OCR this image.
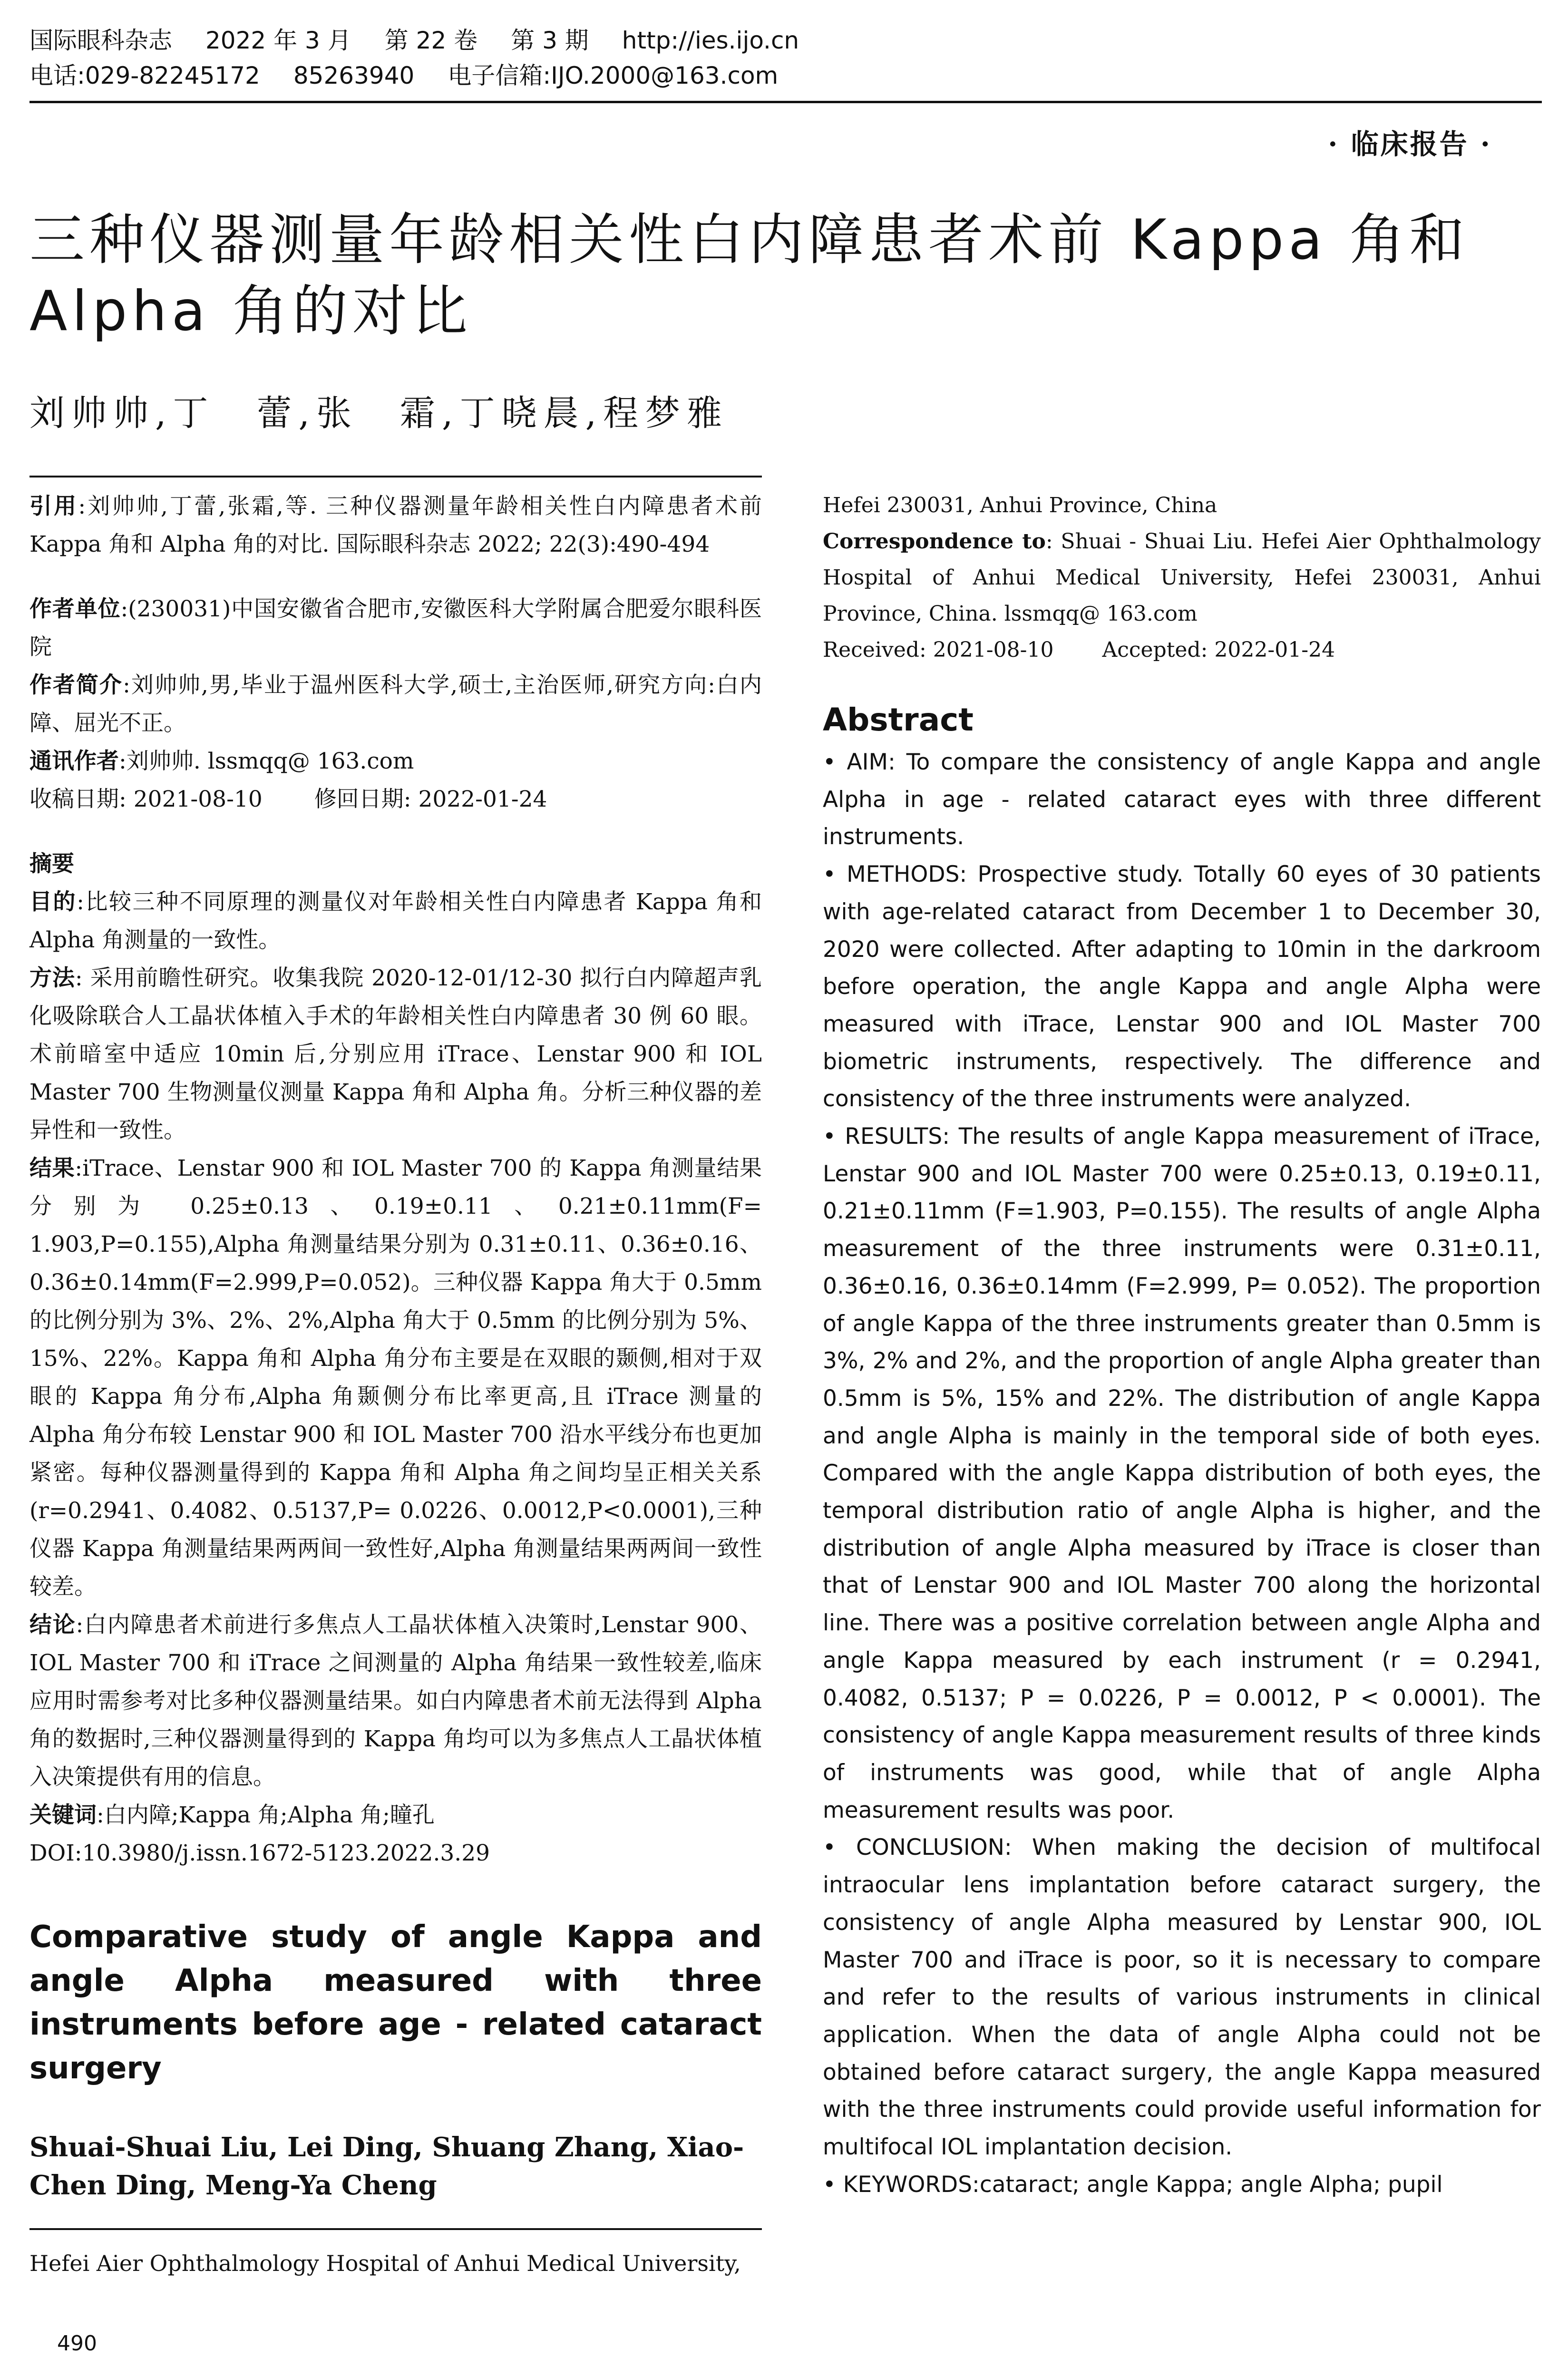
国际眼科杂志 2022 年 3 月 第 22 卷 第 3 期 http://ies.ijo.cn
电话:029-82245172 85263940 电子信箱:IJO.2000@163.com
· 临床报告 ·
三种仪器测量年龄相关性白内障患者术前 Kappa 角和 Alpha 角的对比
刘帅帅,丁　蕾,张　霜,丁晓晨,程梦雅

引用:刘帅帅,丁蕾,张霜,等. 三种仪器测量年龄相关性白内障患者术前 Kappa 角和 Alpha 角的对比. 国际眼科杂志 2022; 22(3):490-494

作者单位:(230031)中国安徽省合肥市,安徽医科大学附属合肥爱尔眼科医院

作者简介:刘帅帅,男,毕业于温州医科大学,硕士,主治医师,研究方向:白内障、屈光不正。

通讯作者:刘帅帅. lssmqq@ 163.com

收稿日期: 2021-08-10　　 修回日期: 2022-01-24

摘要

目的:比较三种不同原理的测量仪对年龄相关性白内障患者 Kappa 角和 Alpha 角测量的一致性。

方法: 采用前瞻性研究。收集我院 2020-12-01/12-30 拟行白内障超声乳化吸除联合人工晶状体植入手术的年龄相关性白内障患者 30 例 60 眼。术前暗室中适应 10min 后,分别应用 iTrace、Lenstar 900 和 IOL Master 700 生物测量仪测量 Kappa 角和 Alpha 角。分析三种仪器的差异性和一致性。

结果:iTrace、Lenstar 900 和 IOL Master 700 的 Kappa 角测量结果分别为 0.25±0.13、0.19±0.11、0.21±0.11mm(F= 1.903,P=0.155),Alpha 角测量结果分别为 0.31±0.11、0.36±0.16、0.36±0.14mm(F=2.999,P=0.052)。三种仪器 Kappa 角大于 0.5mm 的比例分别为 3%、2%、2%,Alpha 角大于 0.5mm 的比例分别为 5%、15%、22%。Kappa 角和 Alpha 角分布主要是在双眼的颞侧,相对于双眼的 Kappa 角分布,Alpha 角颞侧分布比率更高,且 iTrace 测量的 Alpha 角分布较 Lenstar 900 和 IOL Master 700 沿水平线分布也更加紧密。每种仪器测量得到的 Kappa 角和 Alpha 角之间均呈正相关关系(r=0.2941、0.4082、0.5137,P= 0.0226、0.0012,P<0.0001),三种仪器 Kappa 角测量结果两两间一致性好,Alpha 角测量结果两两间一致性较差。

结论:白内障患者术前进行多焦点人工晶状体植入决策时,Lenstar 900、IOL Master 700 和 iTrace 之间测量的 Alpha 角结果一致性较差,临床应用时需参考对比多种仪器测量结果。如白内障患者术前无法得到 Alpha 角的数据时,三种仪器测量得到的 Kappa 角均可以为多焦点人工晶状体植入决策提供有用的信息。

关键词:白内障;Kappa 角;Alpha 角;瞳孔

DOI:10.3980/j.issn.1672-5123.2022.3.29

Comparative study of angle Kappa and angle Alpha measured with three instruments before age - related cataract surgery
Shuai-Shuai Liu, Lei Ding, Shuang Zhang, Xiao-Chen Ding, Meng-Ya Cheng
Hefei Aier Ophthalmology Hospital of Anhui Medical University,

Hefei 230031, Anhui Province, China

Correspondence to: Shuai - Shuai Liu. Hefei Aier Ophthalmology Hospital of Anhui Medical University, Hefei 230031, Anhui Province, China. lssmqq@ 163.com

Received: 2021-08-10　　 Accepted: 2022-01-24

Abstract

• AIM: To compare the consistency of angle Kappa and angle Alpha in age - related cataract eyes with three different instruments.

• METHODS: Prospective study. Totally 60 eyes of 30 patients with age-related cataract from December 1 to December 30, 2020 were collected. After adapting to 10min in the darkroom before operation, the angle Kappa and angle Alpha were measured with iTrace, Lenstar 900 and IOL Master 700 biometric instruments, respectively. The difference and consistency of the three instruments were analyzed.

• RESULTS: The results of angle Kappa measurement of iTrace, Lenstar 900 and IOL Master 700 were 0.25±0.13, 0.19±0.11, 0.21±0.11mm (F=1.903, P=0.155). The results of angle Alpha measurement of the three instruments were 0.31±0.11, 0.36±0.16, 0.36±0.14mm (F=2.999, P= 0.052). The proportion of angle Kappa of the three instruments greater than 0.5mm is 3%, 2% and 2%, and the proportion of angle Alpha greater than 0.5mm is 5%, 15% and 22%. The distribution of angle Kappa and angle Alpha is mainly in the temporal side of both eyes. Compared with the angle Kappa distribution of both eyes, the temporal distribution ratio of angle Alpha is higher, and the distribution of angle Alpha measured by iTrace is closer than that of Lenstar 900 and IOL Master 700 along the horizontal line. There was a positive correlation between angle Alpha and angle Kappa measured by each instrument (r = 0.2941, 0.4082, 0.5137; P = 0.0226, P = 0.0012, P < 0.0001). The consistency of angle Kappa measurement results of three kinds of instruments was good, while that of angle Alpha measurement results was poor.

• CONCLUSION: When making the decision of multifocal intraocular lens implantation before cataract surgery, the consistency of angle Alpha measured by Lenstar 900, IOL Master 700 and iTrace is poor, so it is necessary to compare and refer to the results of various instruments in clinical application. When the data of angle Alpha could not be obtained before cataract surgery, the angle Kappa measured with the three instruments could provide useful information for multifocal IOL implantation decision.

• KEYWORDS:cataract; angle Kappa; angle Alpha; pupil

490
